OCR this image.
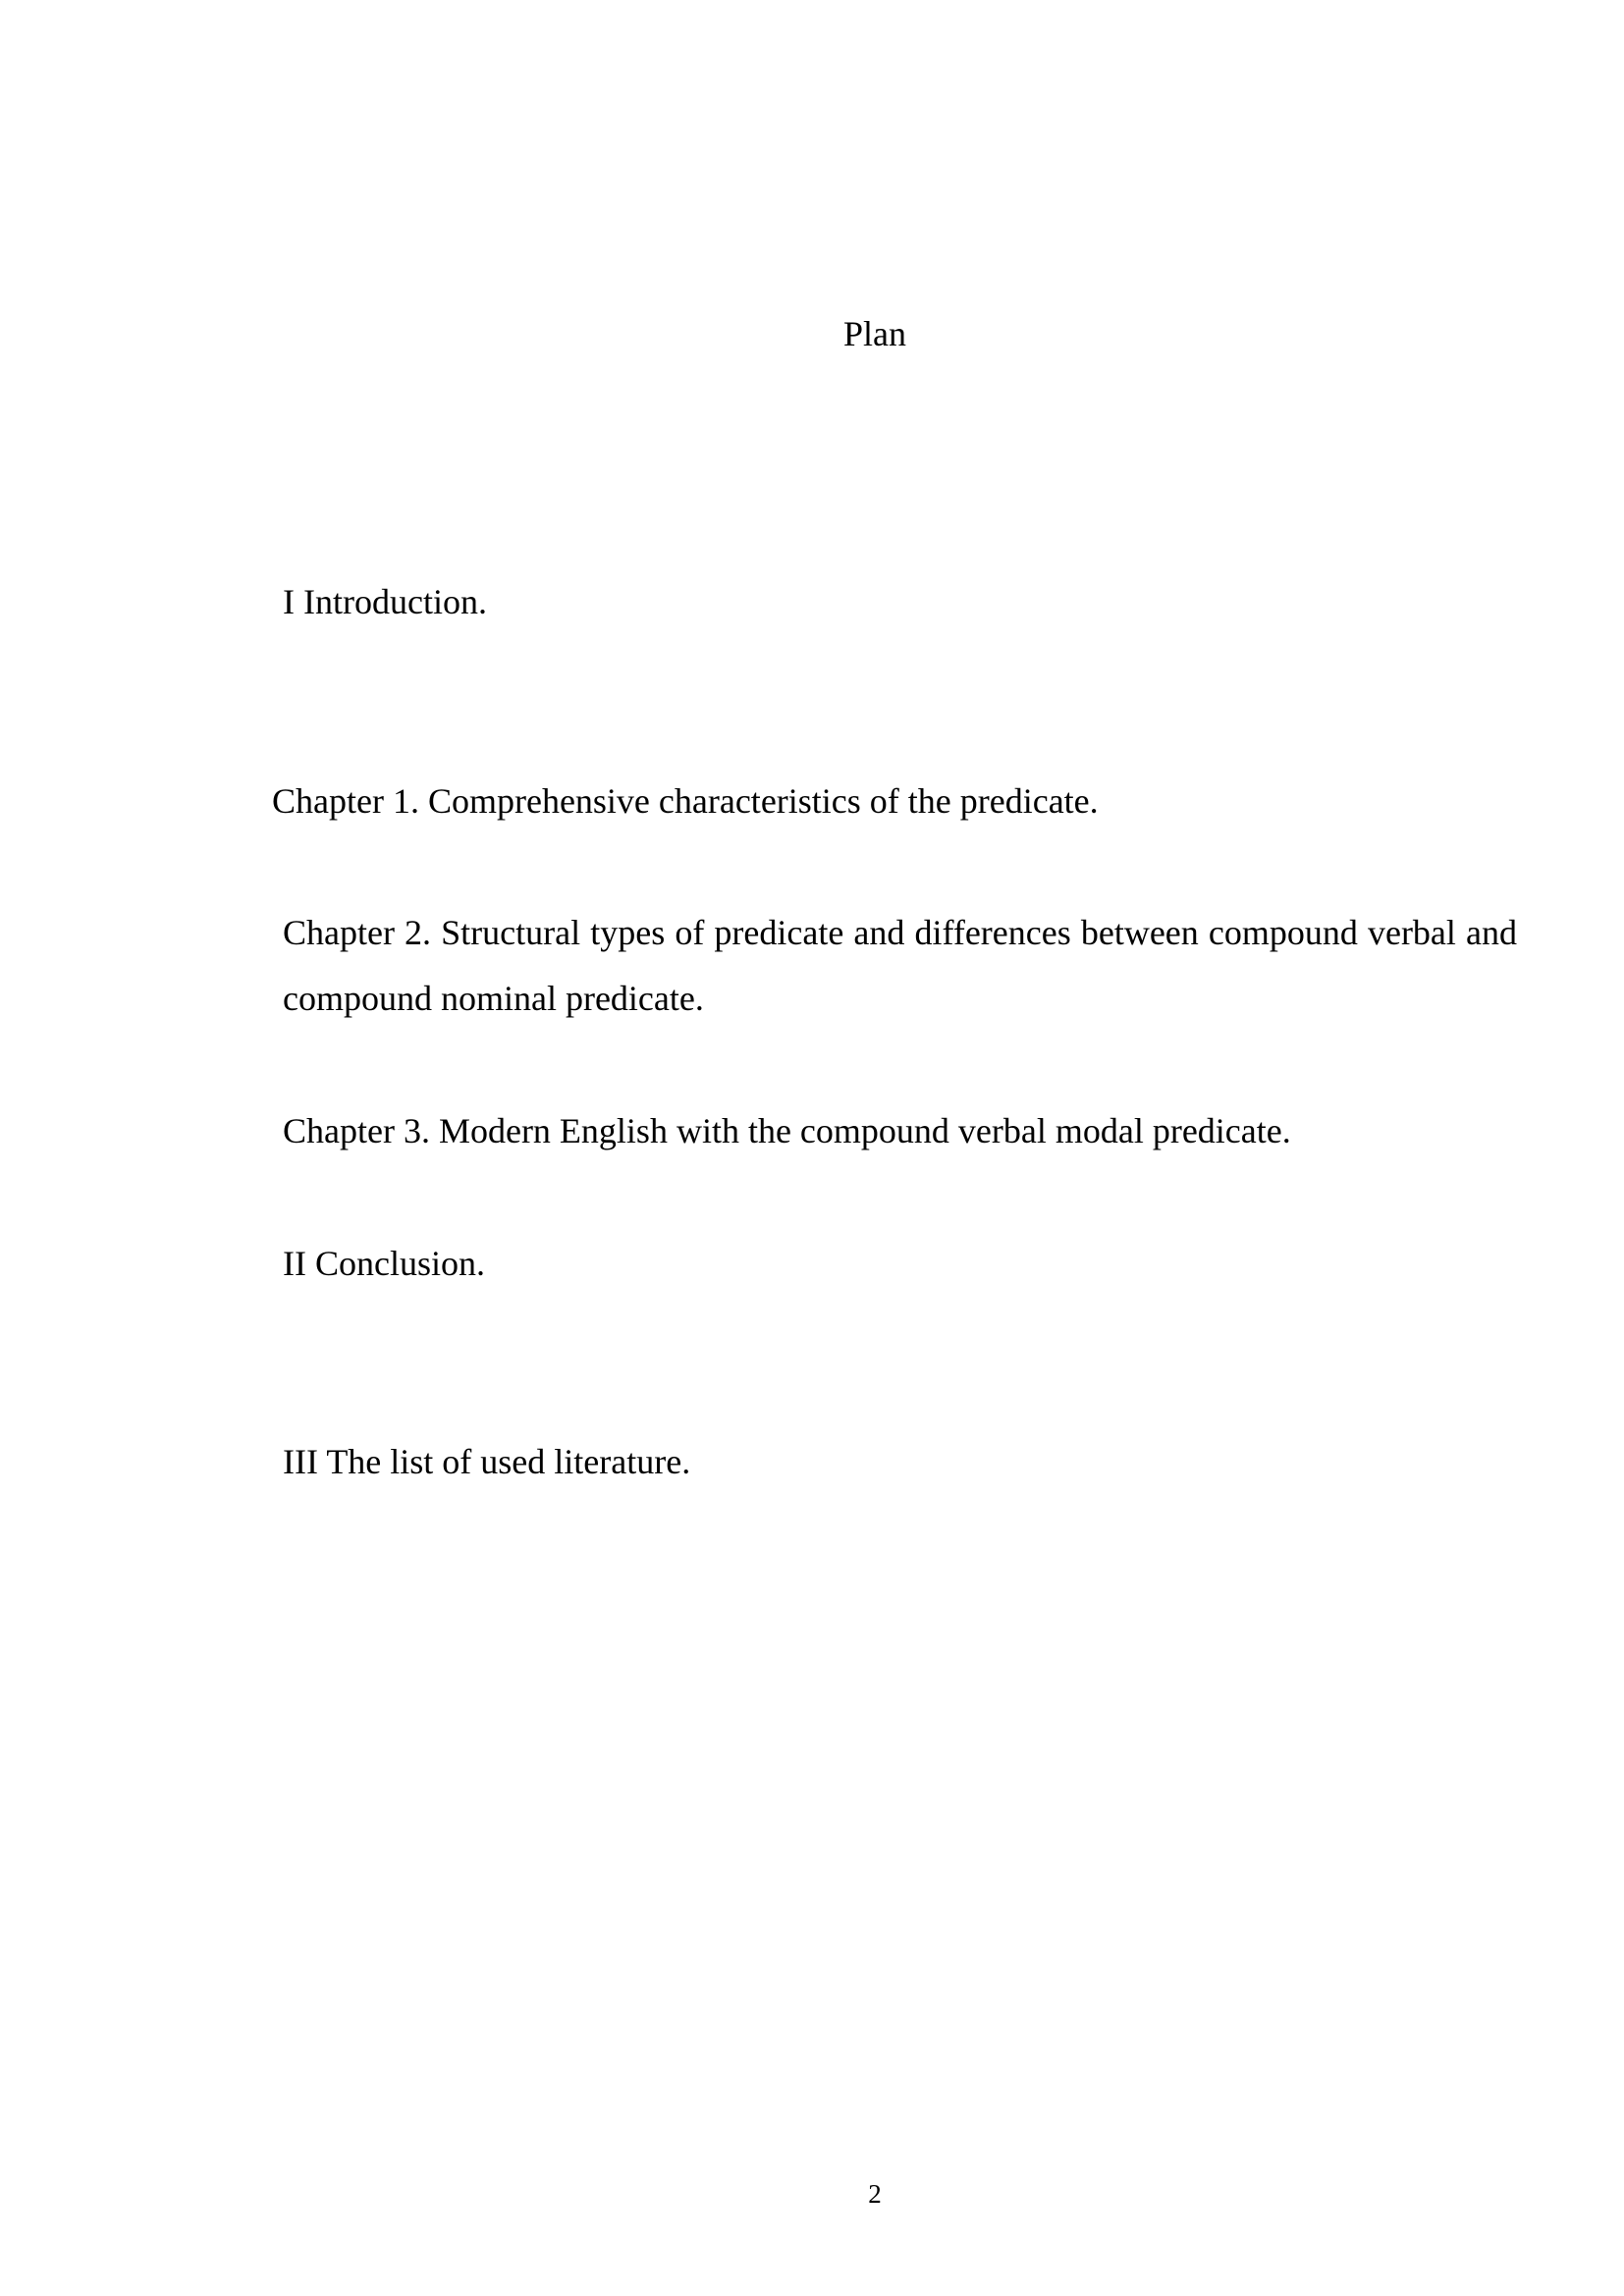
Plan
I Introduction.
Chapter 1. Comprehensive characteristics of the predicate.
Chapter 2. Structural types of predicate and differences between compound verbal and compound nominal predicate.
Chapter 3. Modern English with the compound verbal modal predicate.
II Conclusion.
III The list of used literature.
2
